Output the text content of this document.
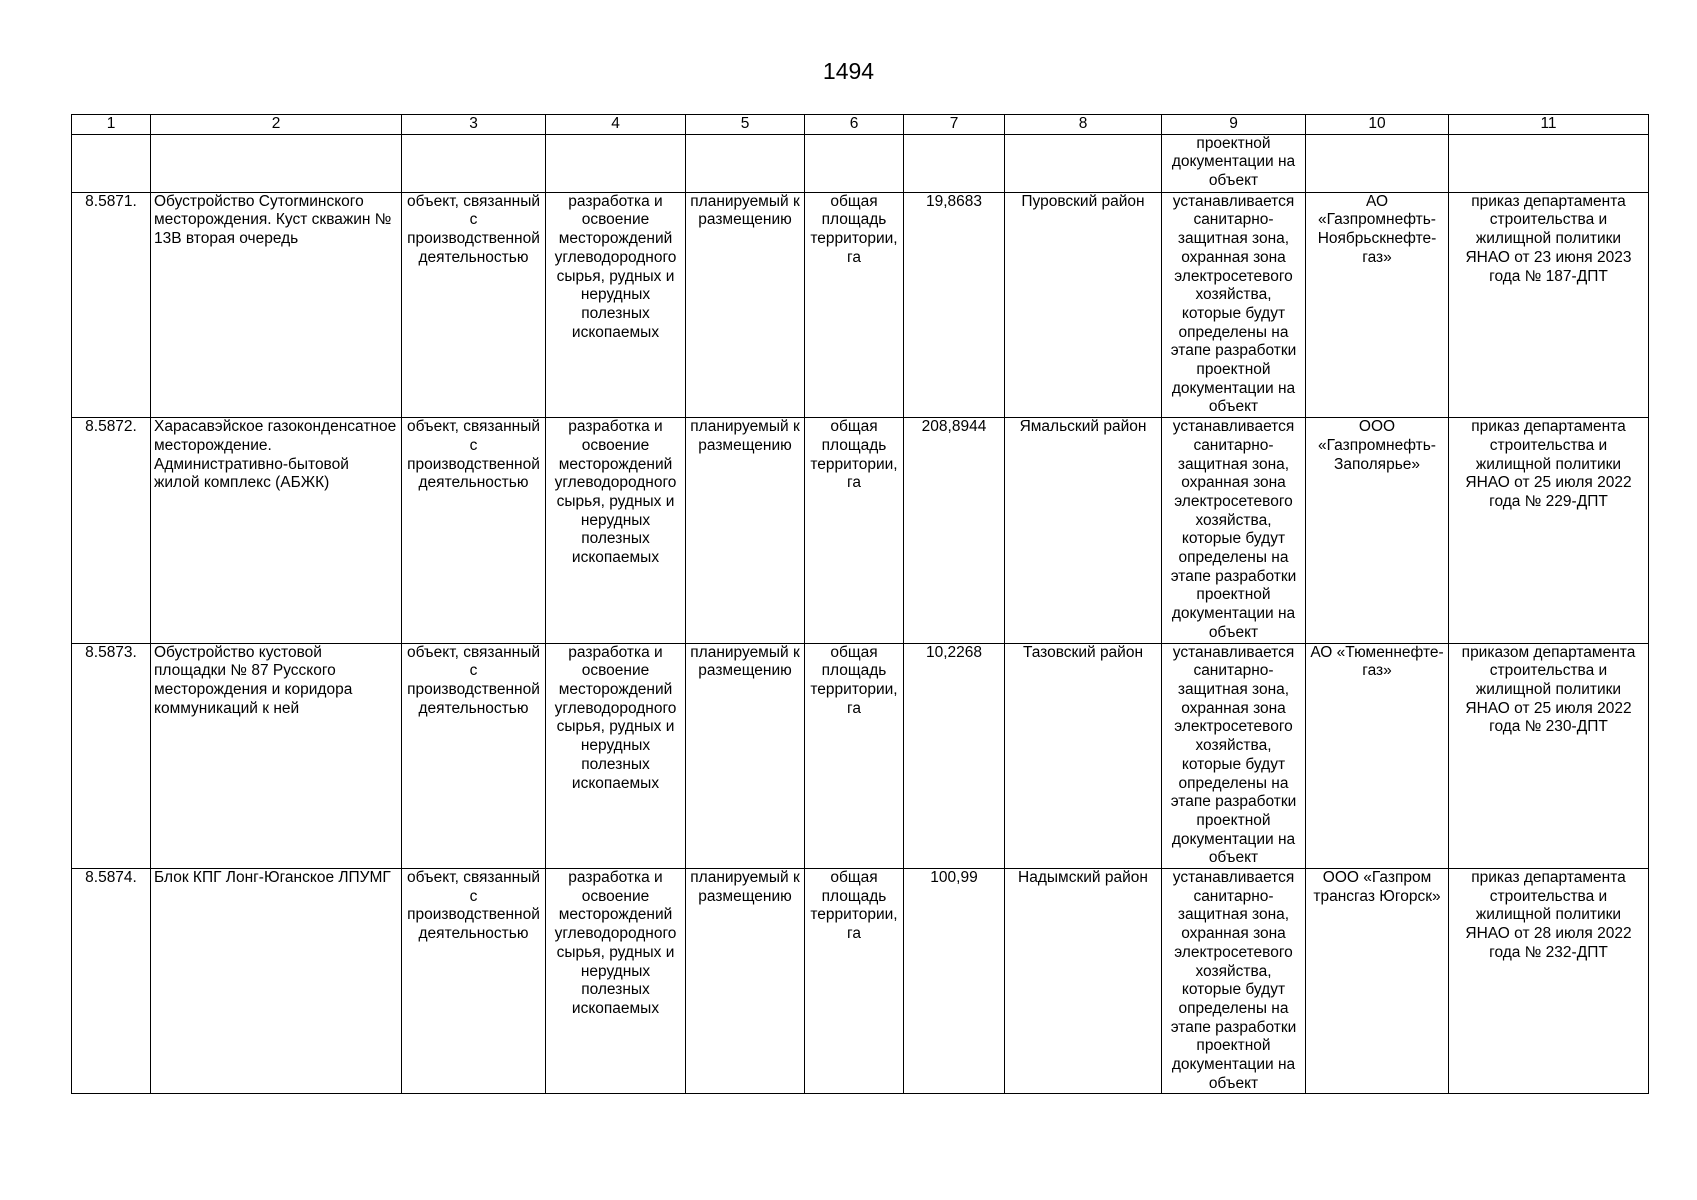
1494
1	2	3	4	5	6	7	8	9	10	11
								проектной документации на объект		
8.5871.	Обустройство Сутorминского месторождения. Куст скважин № 13В вторая очередь	объект, связанный с производственной деятельностью	разработка и освоение месторождений углеводородного сырья, рудных и нерудных полезных ископаемых	планируемый к размещению	общая площадь территории, га	19,8683	Пуровский район	устанавливается санитарно-защитная зона, охранная зона электросетевого хозяйства, которые будут определены на этапе разработки проектной документации на объект	АО «Газпромнефть-Ноябрьскнефте-газ»	приказ департамента строительства и жилищной политики ЯНАО от 23 июня 2023 года № 187-ДПТ
8.5872.	Харасавэйское газоконденсатное месторождение. Административно-бытовой жилой комплекс (АБЖК)	объект, связанный с производственной деятельностью	разработка и освоение месторождений углеводородного сырья, рудных и нерудных полезных ископаемых	планируемый к размещению	общая площадь территории, га	208,8944	Ямальский район	устанавливается санитарно-защитная зона, охранная зона электросетевого хозяйства, которые будут определены на этапе разработки проектной документации на объект	ООО «Газпромнефть-Заполярье»	приказ департамента строительства и жилищной политики ЯНАО от 25 июля 2022 года № 229-ДПТ
8.5873.	Обустройство кустовой площадки № 87 Русского месторождения и коридора коммуникаций к ней	объект, связанный с производственной деятельностью	разработка и освоение месторождений углеводородного сырья, рудных и нерудных полезных ископаемых	планируемый к размещению	общая площадь территории, га	10,2268	Тазовский район	устанавливается санитарно-защитная зона, охранная зона электросетевого хозяйства, которые будут определены на этапе разработки проектной документации на объект	АО «Тюменнефте-газ»	приказом департамента строительства и жилищной политики ЯНАО от 25 июля 2022 года № 230-ДПТ
8.5874.	Блок КПГ Лонг-Юганское ЛПУМГ	объект, связанный с производственной деятельностью	разработка и освоение месторождений углеводородного сырья, рудных и нерудных полезных ископаемых	планируемый к размещению	общая площадь территории, га	100,99	Надымский район	устанавливается санитарно-защитная зона, охранная зона электросетевого хозяйства, которые будут определены на этапе разработки проектной документации на объект	ООО «Газпром трансгаз Югорск»	приказ департамента строительства и жилищной политики ЯНАО от 28 июля 2022 года № 232-ДПТ
